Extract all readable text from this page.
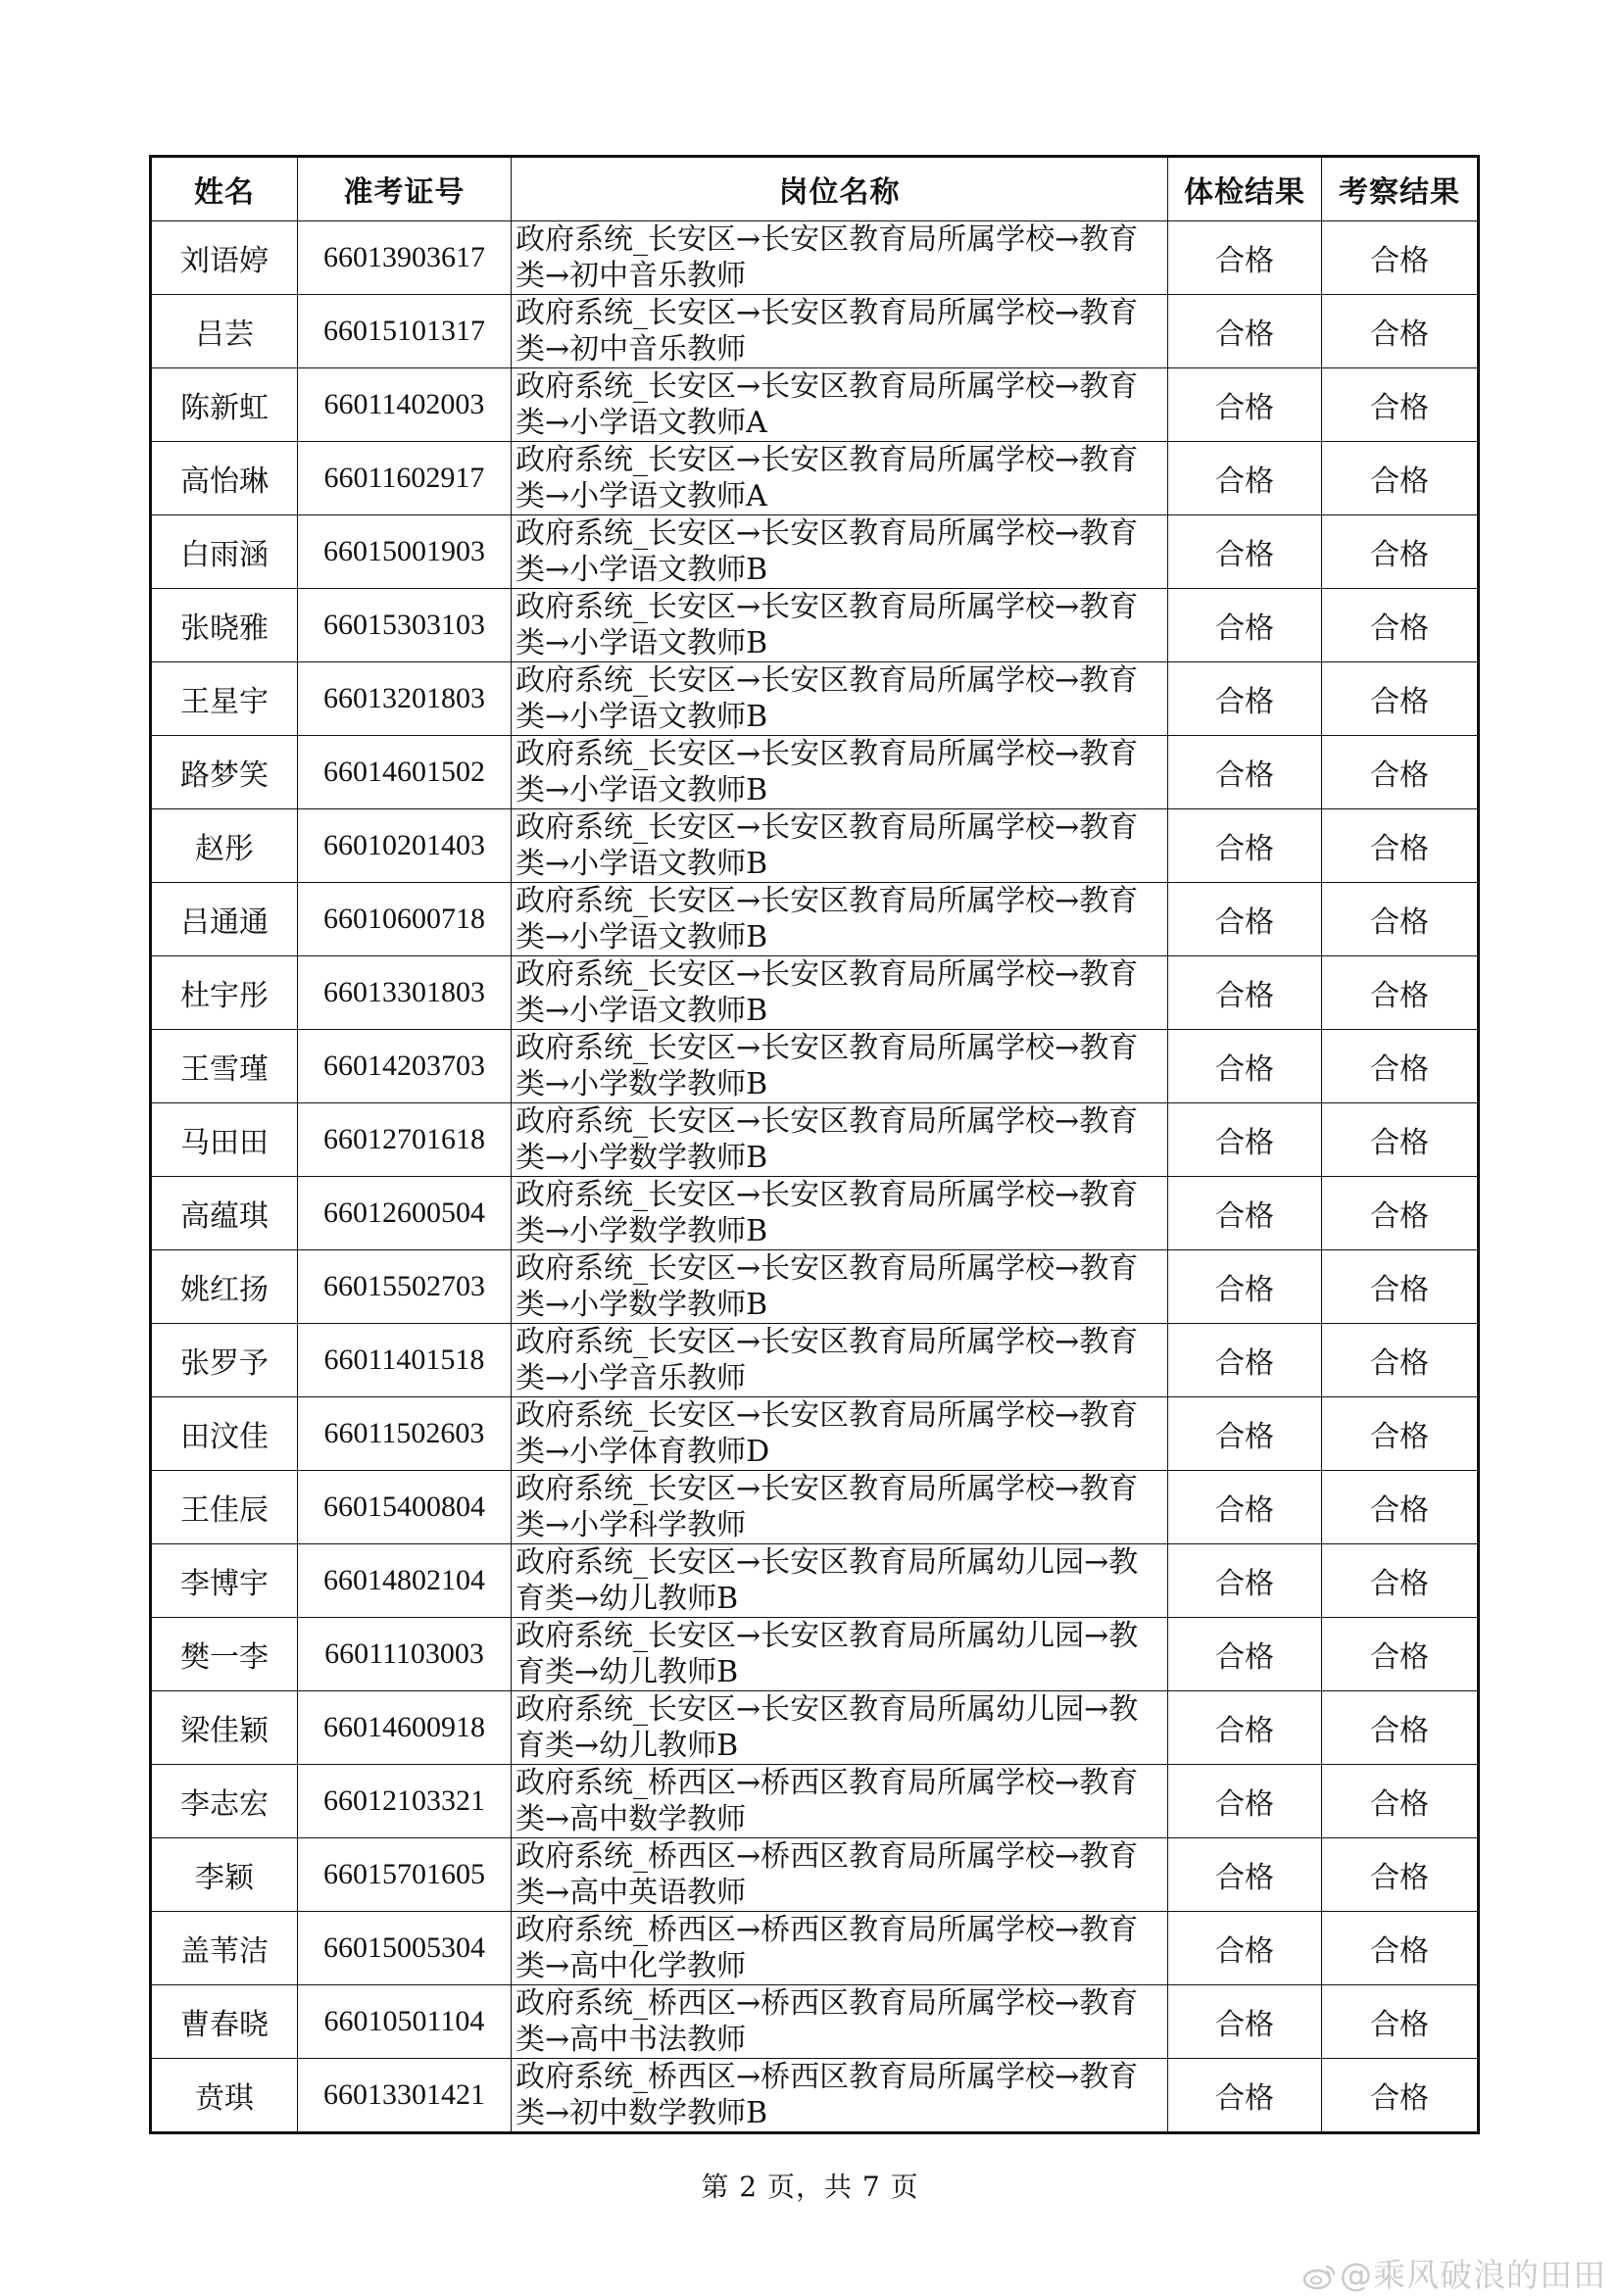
姓名	准考证号	岗位名称	体检结果	考察结果
刘语婷	66013903617	政府系统_长安区→长安区教育局所属学校→教育类→初中音乐教师	合格	合格
吕芸	66015101317	政府系统_长安区→长安区教育局所属学校→教育类→初中音乐教师	合格	合格
陈新虹	66011402003	政府系统_长安区→长安区教育局所属学校→教育类→小学语文教师A	合格	合格
高怡琳	66011602917	政府系统_长安区→长安区教育局所属学校→教育类→小学语文教师A	合格	合格
白雨涵	66015001903	政府系统_长安区→长安区教育局所属学校→教育类→小学语文教师B	合格	合格
张晓雅	66015303103	政府系统_长安区→长安区教育局所属学校→教育类→小学语文教师B	合格	合格
王星宇	66013201803	政府系统_长安区→长安区教育局所属学校→教育类→小学语文教师B	合格	合格
路梦笑	66014601502	政府系统_长安区→长安区教育局所属学校→教育类→小学语文教师B	合格	合格
赵彤	66010201403	政府系统_长安区→长安区教育局所属学校→教育类→小学语文教师B	合格	合格
吕通通	66010600718	政府系统_长安区→长安区教育局所属学校→教育类→小学语文教师B	合格	合格
杜宇彤	66013301803	政府系统_长安区→长安区教育局所属学校→教育类→小学语文教师B	合格	合格
王雪瑾	66014203703	政府系统_长安区→长安区教育局所属学校→教育类→小学数学教师B	合格	合格
马田田	66012701618	政府系统_长安区→长安区教育局所属学校→教育类→小学数学教师B	合格	合格
高蕴琪	66012600504	政府系统_长安区→长安区教育局所属学校→教育类→小学数学教师B	合格	合格
姚红扬	66015502703	政府系统_长安区→长安区教育局所属学校→教育类→小学数学教师B	合格	合格
张罗予	66011401518	政府系统_长安区→长安区教育局所属学校→教育类→小学音乐教师	合格	合格
田汶佳	66011502603	政府系统_长安区→长安区教育局所属学校→教育类→小学体育教师D	合格	合格
王佳辰	66015400804	政府系统_长安区→长安区教育局所属学校→教育类→小学科学教师	合格	合格
李博宇	66014802104	政府系统_长安区→长安区教育局所属幼儿园→教育类→幼儿教师B	合格	合格
樊一李	66011103003	政府系统_长安区→长安区教育局所属幼儿园→教育类→幼儿教师B	合格	合格
梁佳颖	66014600918	政府系统_长安区→长安区教育局所属幼儿园→教育类→幼儿教师B	合格	合格
李志宏	66012103321	政府系统_桥西区→桥西区教育局所属学校→教育类→高中数学教师	合格	合格
李颖	66015701605	政府系统_桥西区→桥西区教育局所属学校→教育类→高中英语教师	合格	合格
盖苇洁	66015005304	政府系统_桥西区→桥西区教育局所属学校→教育类→高中化学教师	合格	合格
曹春晓	66010501104	政府系统_桥西区→桥西区教育局所属学校→教育类→高中书法教师	合格	合格
贲琪	66013301421	政府系统_桥西区→桥西区教育局所属学校→教育类→初中数学教师B	合格	合格
第 2 页，共 7 页
@乘风破浪的田田
